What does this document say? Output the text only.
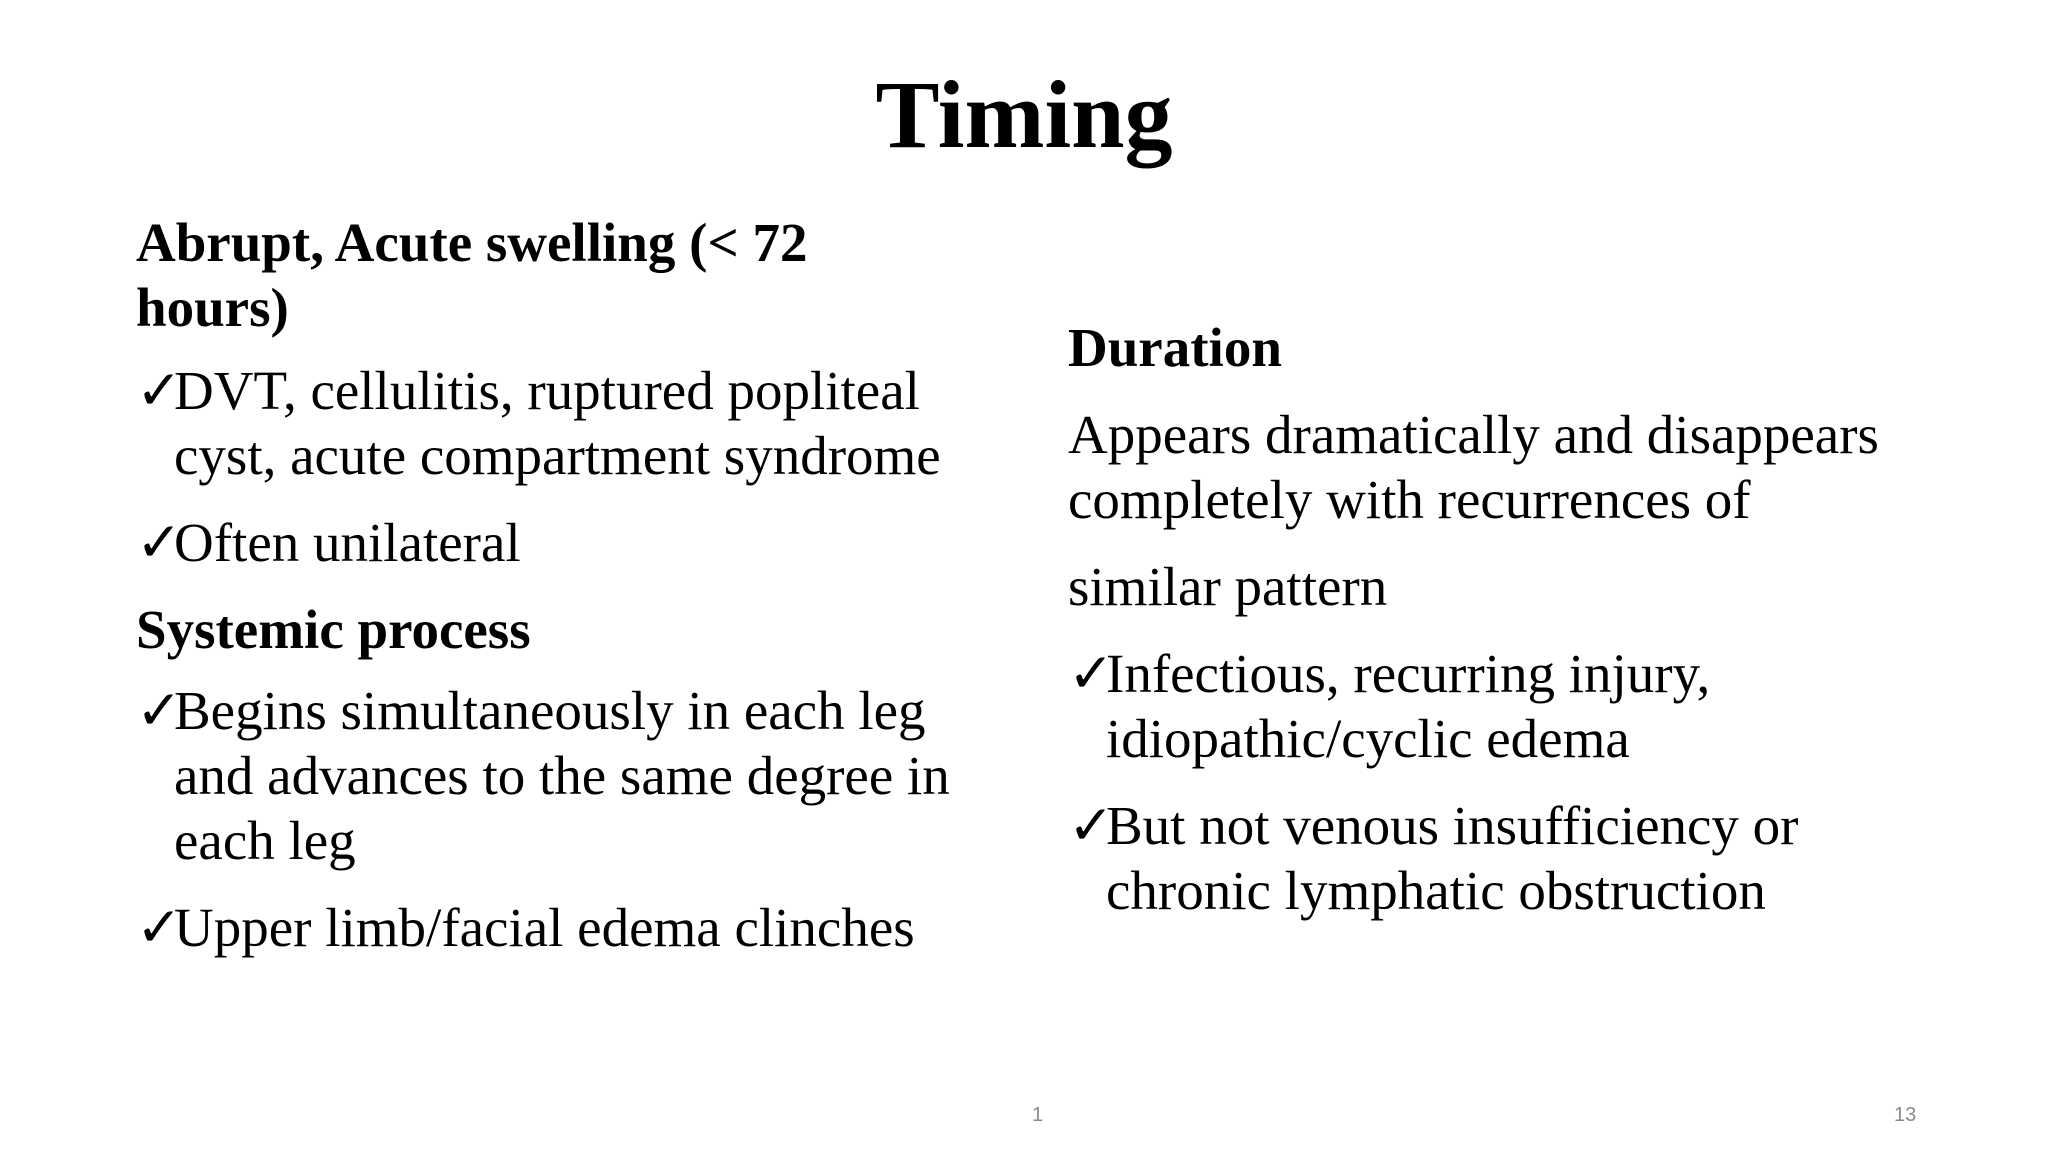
Timing

Abrupt, Acute swelling (< 72 hours)

✓
DVT, cellulitis, ruptured popliteal cyst, acute compartment syndrome
✓
Often unilateral

Systemic process

✓
Begins simultaneously in each leg and advances to the same degree in each leg
✓
Upper limb/facial edema clinches

Duration

Appears dramatically and disappears completely with recurrences of

similar pattern

✓
Infectious, recurring injury, idiopathic/cyclic edema
✓
But not venous insufficiency or chronic lymphatic obstruction
1	13
